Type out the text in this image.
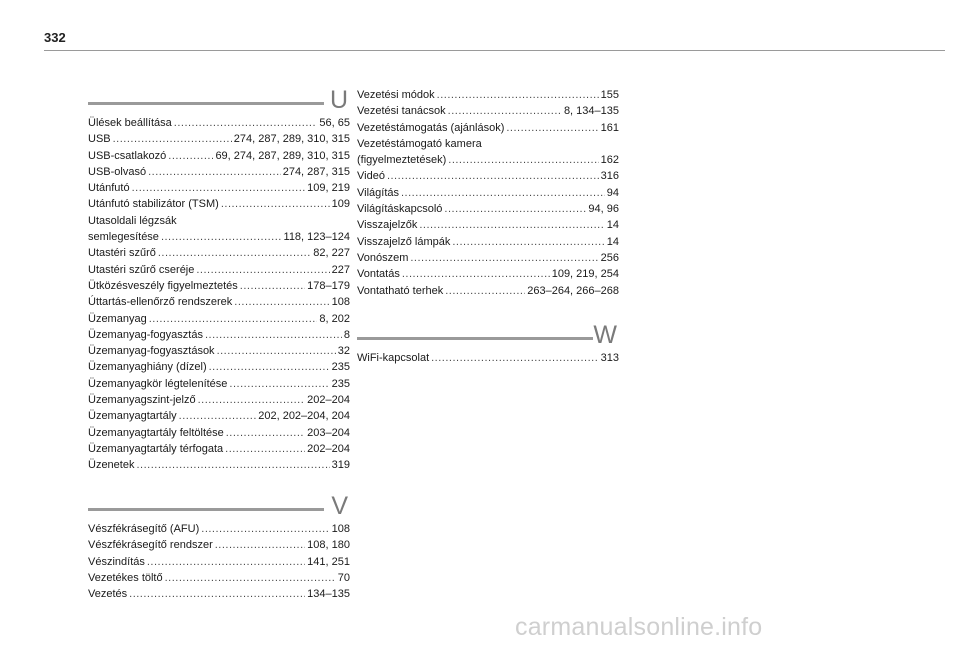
332
U
Ülések beállítása .....	56, 65
USB .....	274, 287, 289, 310, 315
USB-csatlakozó .....	69, 274, 287, 289, 310, 315
USB-olvasó .....	274, 287, 315
Utánfutó .....	109, 219
Utánfutó stabilizátor (TSM) .....	109
Utasoldali légzsák
semlegesítése .....	118, 123–124
Utastéri szűrő .....	82, 227
Utastéri szűrő cseréje .....	227
Ütközésveszély figyelmeztetés .....	178–179
Úttartás-ellenőrző rendszerek .....	108
Üzemanyag .....	8, 202
Üzemanyag-fogyasztás .....	8
Üzemanyag-fogyasztások .....	32
Üzemanyaghiány (dízel) .....	235
Üzemanyagkör légtelenítése .....	235
Üzemanyagszint-jelző .....	202–204
Üzemanyagtartály .....	202, 202–204, 204
Üzemanyagtartály feltöltése .....	203–204
Üzemanyagtartály térfogata .....	202–204
Üzenetek .....	319
V
Vészfékrásegítő (AFU) .....	108
Vészfékrásegítő rendszer .....	108, 180
Vészindítás .....	141, 251
Vezetékes töltő .....	70
Vezetés .....	134–135
Vezetési módok .....	155
Vezetési tanácsok .....	8, 134–135
Vezetéstámogatás (ajánlások) .....	161
Vezetéstámogató kamera
(figyelmeztetések) .....	162
Videó .....	316
Világítás .....	94
Világításkapcsoló .....	94, 96
Visszajelzők .....	14
Visszajelző lámpák .....	14
Vonószem .....	256
Vontatás .....	109, 219, 254
Vontatható terhek .....	263–264, 266–268
W
WiFi-kapcsolat .....	313
carmanualsonline.info
